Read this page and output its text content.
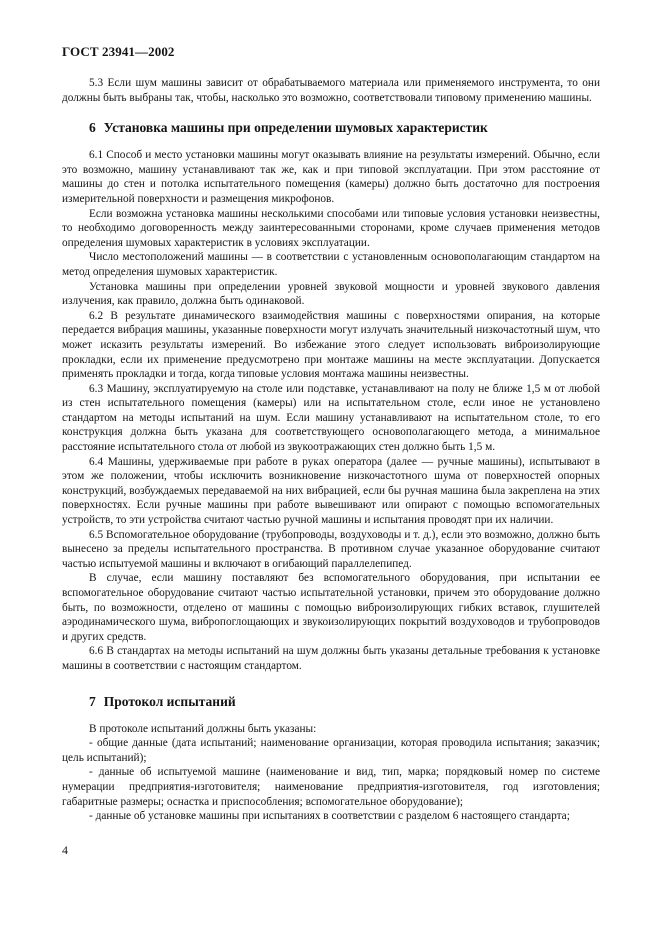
ГОСТ 23941—2002

5.3 Если шум машины зависит от обрабатываемого материала или применяемого инструмента, то они должны быть выбраны так, чтобы, насколько это возможно, соответствовали типовому применению машины.

6 Установка машины при определении шумовых характеристик

6.1 Способ и место установки машины могут оказывать влияние на результаты измерений. Обычно, если это возможно, машину устанавливают так же, как и при типовой эксплуатации. При этом расстояние от машины до стен и потолка испытательного помещения (камеры) должно быть достаточно для построения измерительной поверхности и размещения микрофонов.

Если возможна установка машины несколькими способами или типовые условия установки неизвестны, то необходимо договоренность между заинтересованными сторонами, кроме случаев применения методов определения шумовых характеристик в условиях эксплуатации.

Число местоположений машины — в соответствии с установленным основополагающим стандартом на метод определения шумовых характеристик.

Установка машины при определении уровней звуковой мощности и уровней звукового давления излучения, как правило, должна быть одинаковой.

6.2 В результате динамического взаимодействия машины с поверхностями опирания, на которые передается вибрация машины, указанные поверхности могут излучать значительный низкочастотный шум, что может исказить результаты измерений. Во избежание этого следует использовать виброизолирующие прокладки, если их применение предусмотрено при монтаже машины на месте эксплуатации. Допускается применять прокладки и тогда, когда типовые условия монтажа машины неизвестны.

6.3 Машину, эксплуатируемую на столе или подставке, устанавливают на полу не ближе 1,5 м от любой из стен испытательного помещения (камеры) или на испытательном столе, если иное не установлено стандартом на методы испытаний на шум. Если машину устанавливают на испытательном столе, то его конструкция должна быть указана для соответствующего основополагающего метода, а минимальное расстояние испытательного стола от любой из звукоотражающих стен должно быть 1,5 м.

6.4 Машины, удерживаемые при работе в руках оператора (далее — ручные машины), испытывают в этом же положении, чтобы исключить возникновение низкочастотного шума от поверхностей опорных конструкций, возбуждаемых передаваемой на них вибрацией, если бы ручная машина была закреплена на этих поверхностях. Если ручные машины при работе вывешивают или опирают с помощью вспомогательных устройств, то эти устройства считают частью ручной машины и испытания проводят при их наличии.

6.5 Вспомогательное оборудование (трубопроводы, воздуховоды и т. д.), если это возможно, должно быть вынесено за пределы испытательного пространства. В противном случае указанное оборудование считают частью испытуемой машины и включают в огибающий параллелепипед.

В случае, если машину поставляют без вспомогательного оборудования, при испытании ее вспомогательное оборудование считают частью испытательной установки, причем это оборудование должно быть, по возможности, отделено от машины с помощью виброизолирующих гибких вставок, глушителей аэродинамического шума, вибропоглощающих и звукоизолирующих покрытий воздуховодов и трубопроводов и других средств.

6.6 В стандартах на методы испытаний на шум должны быть указаны детальные требования к установке машины в соответствии с настоящим стандартом.

7 Протокол испытаний

В протоколе испытаний должны быть указаны:

- общие данные (дата испытаний; наименование организации, которая проводила испытания; заказчик; цель испытаний);

- данные об испытуемой машине (наименование и вид, тип, марка; порядковый номер по системе нумерации предприятия-изготовителя; наименование предприятия-изготовителя, год изготовления; габаритные размеры; оснастка и приспособления; вспомогательное оборудование);

- данные об установке машины при испытаниях в соответствии с разделом 6 настоящего стандарта;

4
